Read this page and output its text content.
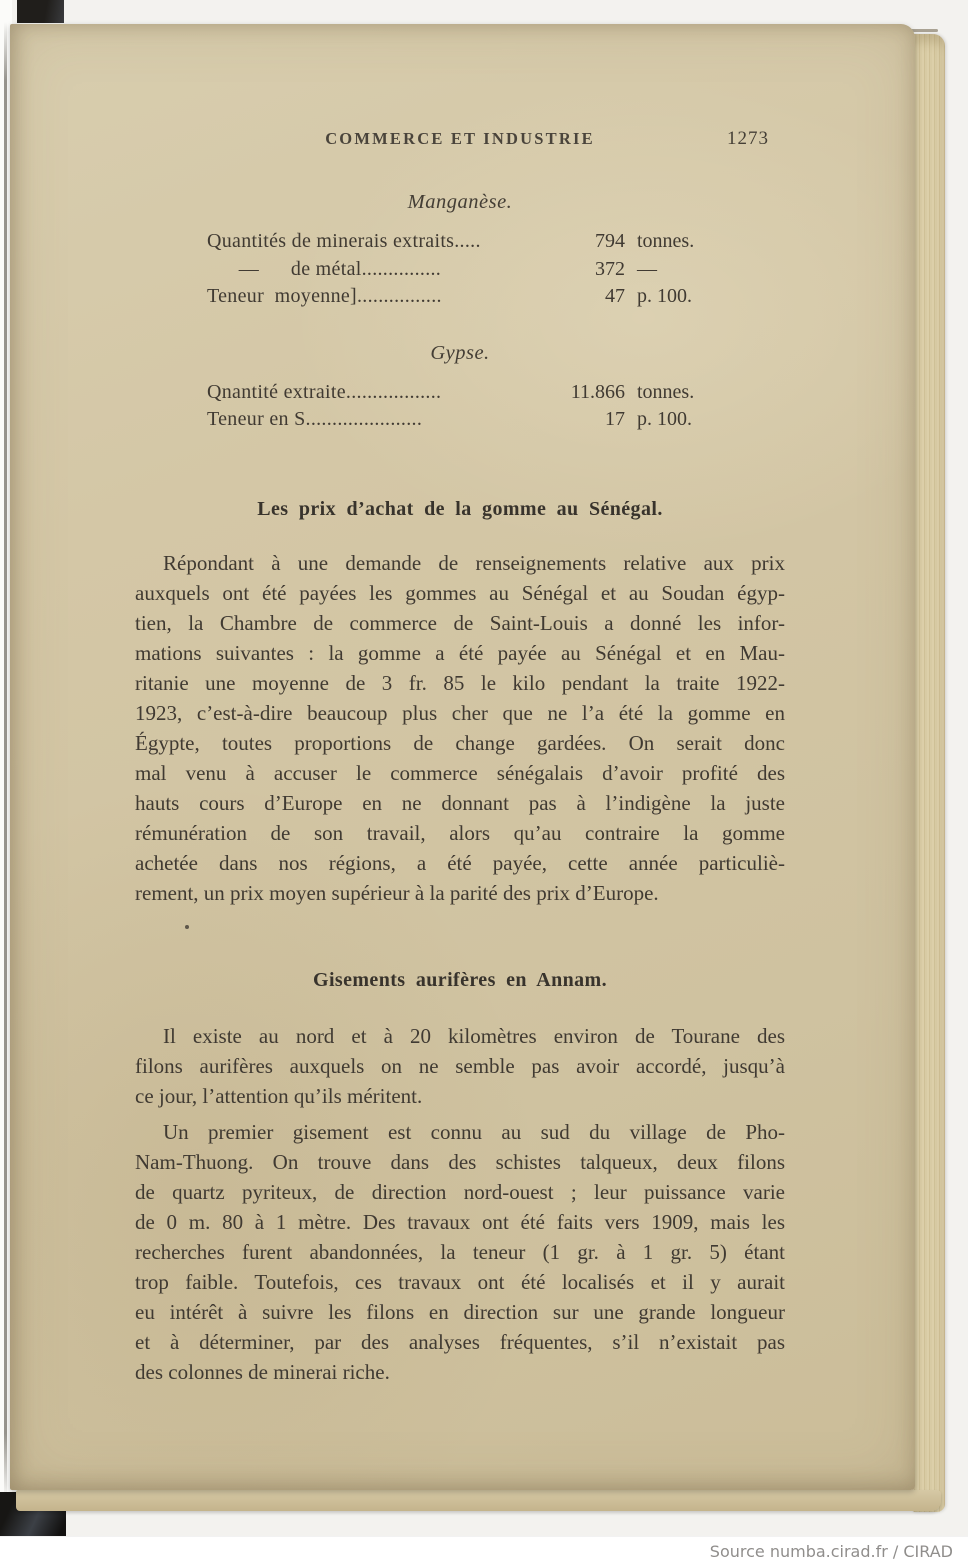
COMMERCE ET INDUSTRIE	1273
Manganèse.
Quantités de minerais extraits.....	794 tonnes.
—      de métal...............	372 —
Teneur  moyenne]................	47 p. 100.
Gypse.
Qnantité extraite..................	11.866 tonnes.
Teneur en S......................	17 p. 100.
Les prix d’achat de la gomme au Sénégal.
Répondant à une demande de renseignements relative aux prix
auxquels ont été payées les gommes au Sénégal et au Soudan égyp-
tien, la Chambre de commerce de Saint-Louis a donné les infor-
mations suivantes : la gomme a été payée au Sénégal et en Mau-
ritanie une moyenne de 3 fr. 85 le kilo pendant la traite 1922-
1923, c’est-à-dire beaucoup plus cher que ne l’a été la gomme en
Égypte, toutes proportions de change gardées. On serait donc
mal venu à accuser le commerce sénégalais d’avoir profité des
hauts cours d’Europe en ne donnant pas à l’indigène la juste
rémunération de son travail, alors qu’au contraire la gomme
achetée dans nos régions, a été payée, cette année particuliè-
rement, un prix moyen supérieur à la parité des prix d’Europe.
Gisements aurifères en Annam.
Il existe au nord et à 20 kilomètres environ de Tourane des
filons aurifères auxquels on ne semble pas avoir accordé, jusqu’à
ce jour, l’attention qu’ils méritent.
Un premier gisement est connu au sud du village de Pho-
Nam-Thuong. On trouve dans des schistes talqueux, deux filons
de quartz pyriteux, de direction nord-ouest ; leur puissance varie
de 0 m. 80 à 1 mètre. Des travaux ont été faits vers 1909, mais les
recherches furent abandonnées, la teneur (1 gr. à 1 gr. 5) étant
trop faible. Toutefois, ces travaux ont été localisés et il y aurait
eu intérêt à suivre les filons en direction sur une grande longueur
et à déterminer, par des analyses fréquentes, s’il n’existait pas
des colonnes de minerai riche.
Source numba.cirad.fr / CIRAD
